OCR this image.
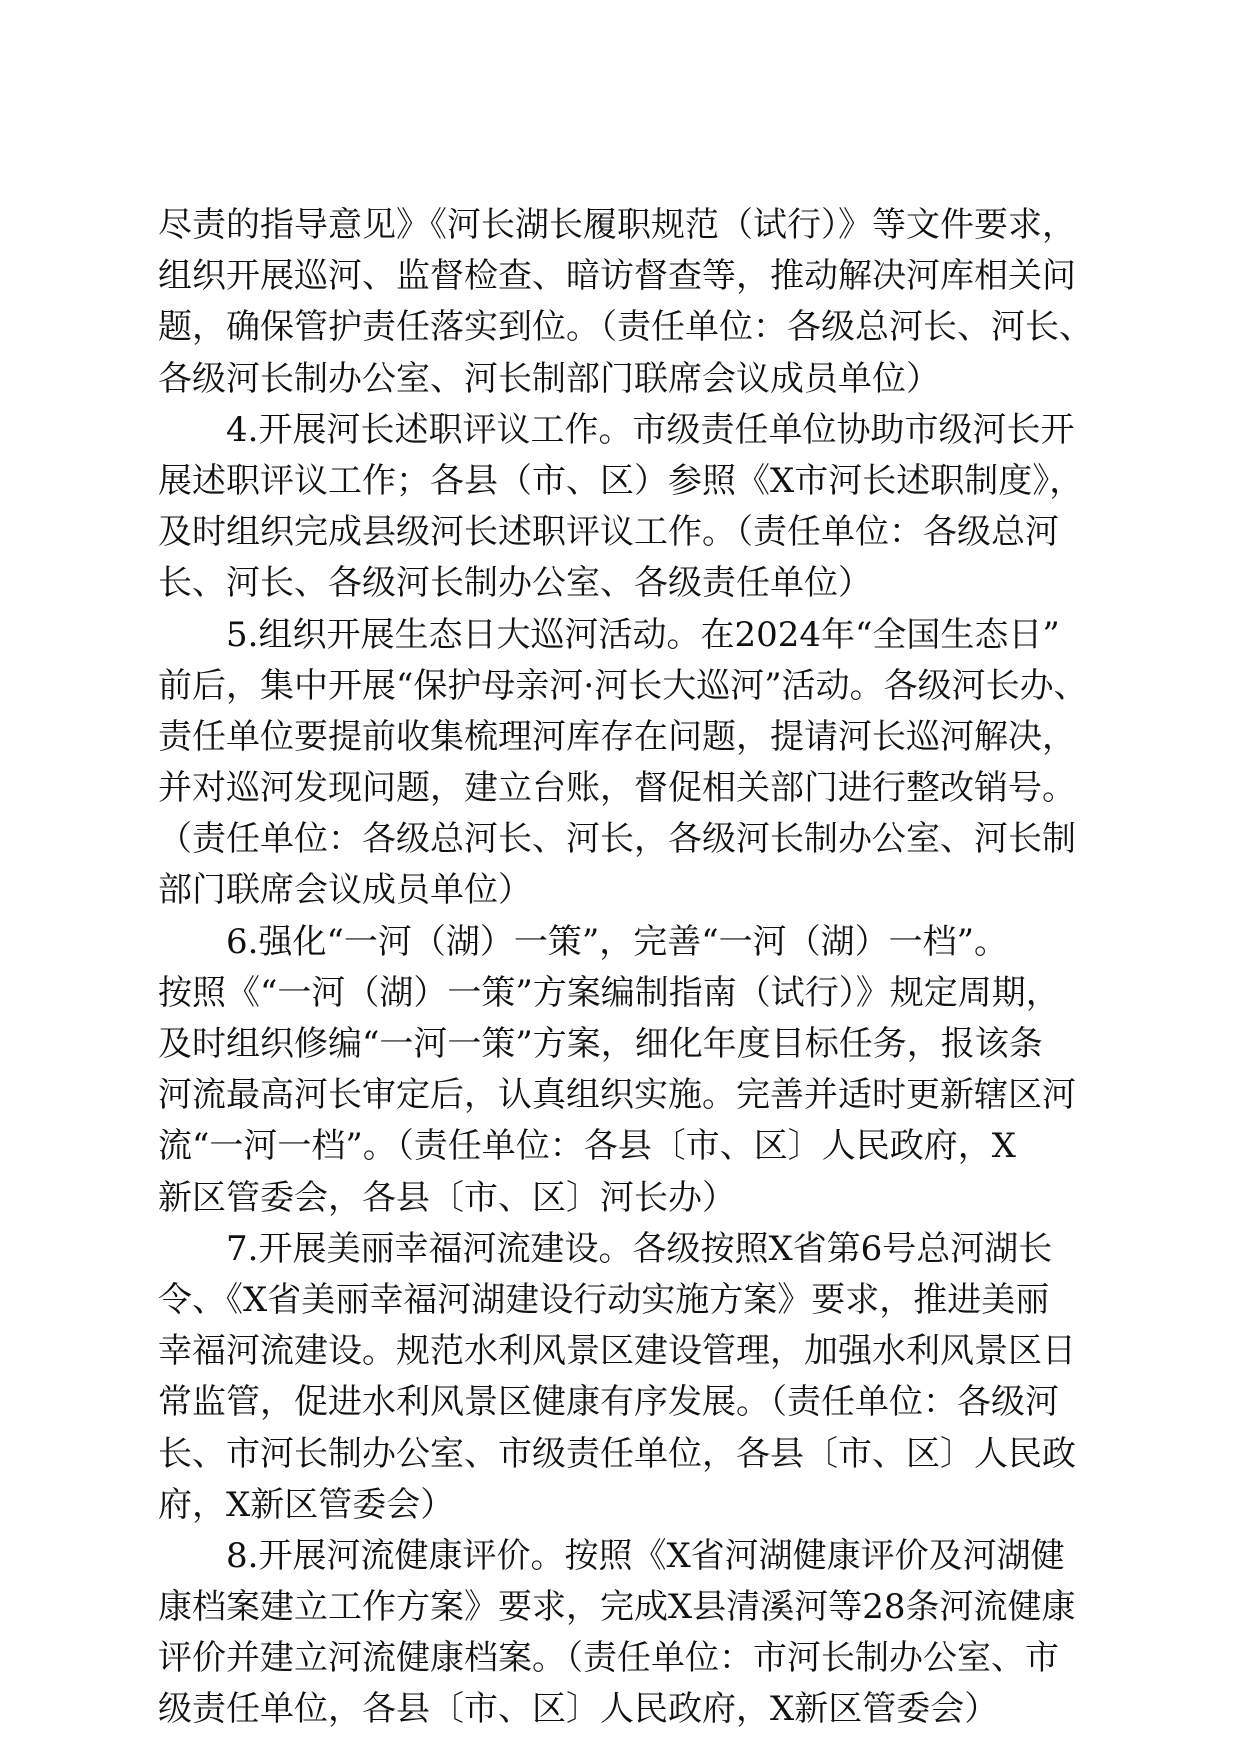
尽责的指导意见》《河长湖长履职规范（试行）》等文件要求，
组织开展巡河、监督检查、暗访督查等，推动解决河库相关问
题，确保管护责任落实到位。（责任单位：各级总河长、河长、
各级河长制办公室、河长制部门联席会议成员单位）
4.开展河长述职评议工作。市级责任单位协助市级河长开
展述职评议工作；各县（市、区）参照《X市河长述职制度》，
及时组织完成县级河长述职评议工作。（责任单位：各级总河
长、河长、各级河长制办公室、各级责任单位）
5.组织开展生态日大巡河活动。在2024年“全国生态日”
前后，集中开展“保护母亲河·河长大巡河”活动。各级河长办、
责任单位要提前收集梳理河库存在问题，提请河长巡河解决，
并对巡河发现问题，建立台账，督促相关部门进行整改销号。
（责任单位：各级总河长、河长，各级河长制办公室、河长制
部门联席会议成员单位）
6.强化“一河（湖）一策”，完善“一河（湖）一档”。
按照《“一河（湖）一策”方案编制指南（试行）》规定周期，
及时组织修编“一河一策”方案，细化年度目标任务，报该条
河流最高河长审定后，认真组织实施。完善并适时更新辖区河
流“一河一档”。（责任单位：各县〔市、区〕人民政府，X
新区管委会，各县〔市、区〕河长办）
7.开展美丽幸福河流建设。各级按照X省第6号总河湖长
令、《X省美丽幸福河湖建设行动实施方案》要求，推进美丽
幸福河流建设。规范水利风景区建设管理，加强水利风景区日
常监管，促进水利风景区健康有序发展。（责任单位：各级河
长、市河长制办公室、市级责任单位，各县〔市、区〕人民政
府，X新区管委会）
8.开展河流健康评价。按照《X省河湖健康评价及河湖健
康档案建立工作方案》要求，完成X县清溪河等28条河流健康
评价并建立河流健康档案。（责任单位：市河长制办公室、市
级责任单位，各县〔市、区〕人民政府，X新区管委会）
